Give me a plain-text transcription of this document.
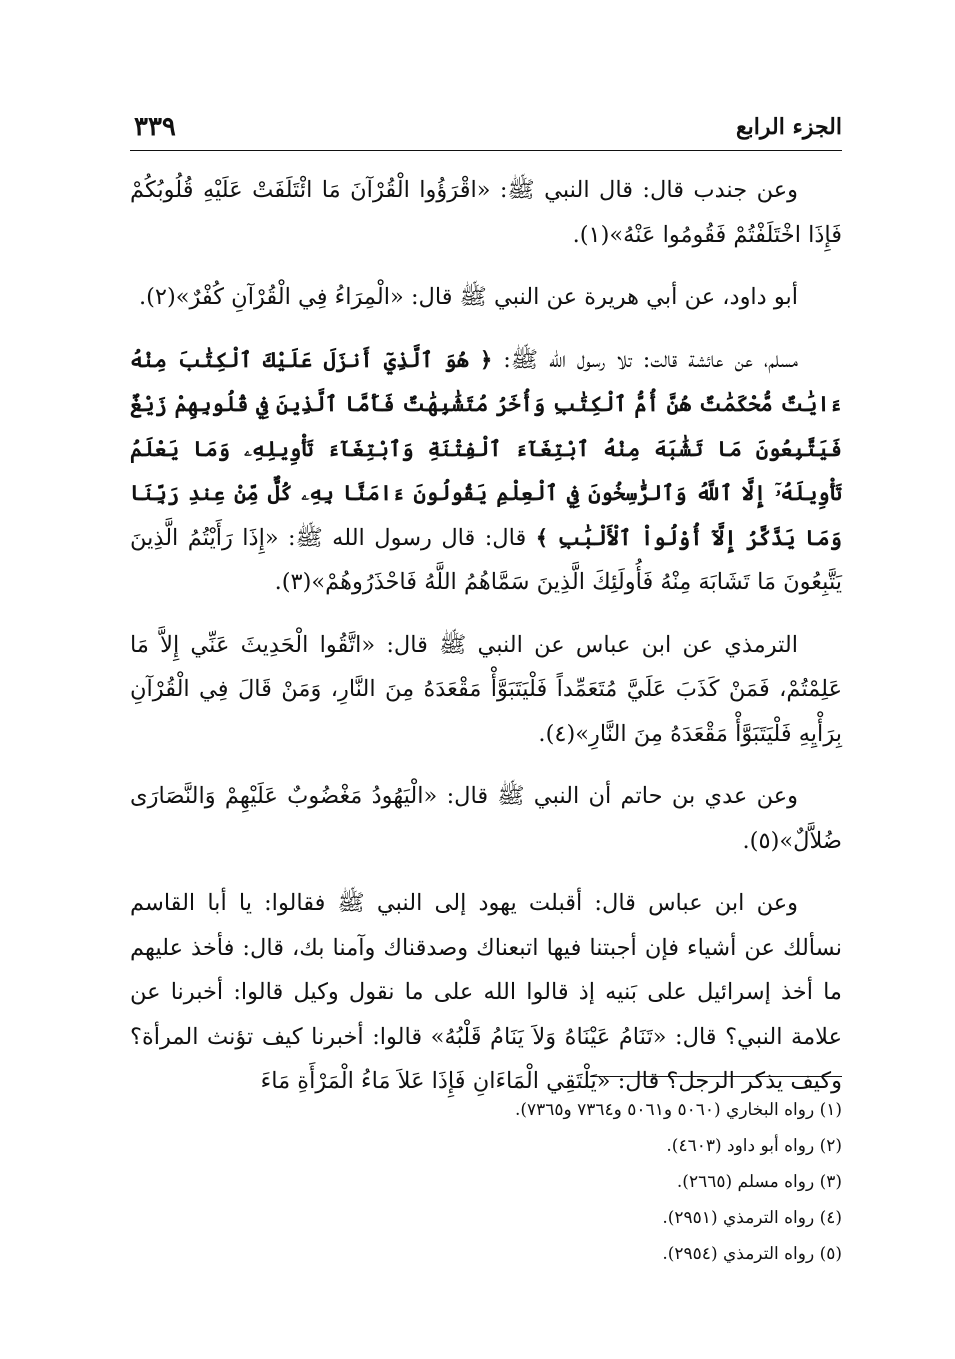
الجزء الرابع
٣٣٩

وعن جندب قال: قال النبي ﷺ: «اقْرَؤُوا الْقُرْآنَ مَا ائْتَلَفَتْ عَلَيْهِ قُلُوبُكُمْ فَإِذَا اخْتَلَفْتُمْ فَقُومُوا عَنْهُ»(١).

أبو داود، عن أبي هريرة عن النبي ﷺ قال: «الْمِرَاءُ فِي الْقُرْآنِ كُفْرٌ»(٢).

مسلم، عن عائشة قالت: تلا رسول الله ﷺ: ﴿ هُوَ ٱلَّذِيٓ أَنزَلَ عَلَيْكَ ٱلْكِتَٰبَ مِنْهُ ءَايَٰتٌ مُّحْكَمَٰتٌ هُنَّ أُمُّ ٱلْكِتَٰبِ وَأُخَرُ مُتَشَٰبِهَٰتٌ فَأَمَّا ٱلَّذِينَ فِي قُلُوبِهِمْ زَيْغٌ فَيَتَّبِعُونَ مَا تَشَٰبَهَ مِنْهُ ٱبْتِغَآءَ ٱلْفِتْنَةِ وَٱبْتِغَآءَ تَأْوِيلِهِۦ وَمَا يَعْلَمُ تَأْوِيلَهُۥٓ إِلَّا ٱللَّهُ وَٱلرَّٰسِخُونَ فِي ٱلْعِلْمِ يَقُولُونَ ءَامَنَّا بِهِۦ كُلٌّ مِّنْ عِندِ رَبِّنَا وَمَا يَذَّكَّرُ إِلَّآ أُوْلُواْ ٱلْأَلْبَٰبِ ﴾ قال: قال رسول الله ﷺ: «إِذَا رَأَيْتُمُ الَّذِينَ يَتَّبِعُونَ مَا تَشَابَهَ مِنْهُ فَأُولَئِكَ الَّذِينَ سَمَّاهُمُ اللَّهُ فَاحْذَرُوهُمْ»(٣).

الترمذي عن ابن عباس عن النبي ﷺ قال: «اتَّقُوا الْحَدِيثَ عَنِّي إِلاَّ مَا عَلِمْتُمْ، فَمَنْ كَذَبَ عَلَيَّ مُتَعَمِّداً فَلْيَتَبَوَّأْ مَقْعَدَهُ مِنَ النَّارِ، وَمَنْ قَالَ فِي الْقُرْآنِ بِرَأْيِهِ فَلْيَتَبَوَّأْ مَقْعَدَهُ مِنَ النَّارِ»(٤).

وعن عدي بن حاتم أن النبي ﷺ قال: «الْيَهُودُ مَغْضُوبٌ عَلَيْهِمْ وَالنَّصَارَى ضُلاَّلٌ»(٥).

وعن ابن عباس قال: أقبلت يهود إلى النبي ﷺ فقالوا: يا أبا القاسم نسألك عن أشياء فإن أجبتنا فيها اتبعناك وصدقناك وآمنا بك، قال: فأخذ عليهم ما أخذ إسرائيل على بَنيه إذ قالوا الله على ما نقول وكيل قالوا: أخبرنا عن علامة النبي؟ قال: «تَنَامُ عَيْنَاهُ وَلاَ يَنَامُ قَلْبُهُ» قالوا: أخبرنا كيف تؤنث المرأة؟ وكيف يذكر الرجل؟ قال: «يَلْتَقِي الْمَاءَانِ فَإِذَا عَلاَ مَاءُ الْمَرْأَةِ مَاءَ

(١) رواه البخاري (٥٠٦٠ و٥٠٦١ و٧٣٦٤ و٧٣٦٥).

(٢) رواه أبو داود (٤٦٠٣).

(٣) رواه مسلم (٢٦٦٥).

(٤) رواه الترمذي (٢٩٥١).

(٥) رواه الترمذي (٢٩٥٤).
